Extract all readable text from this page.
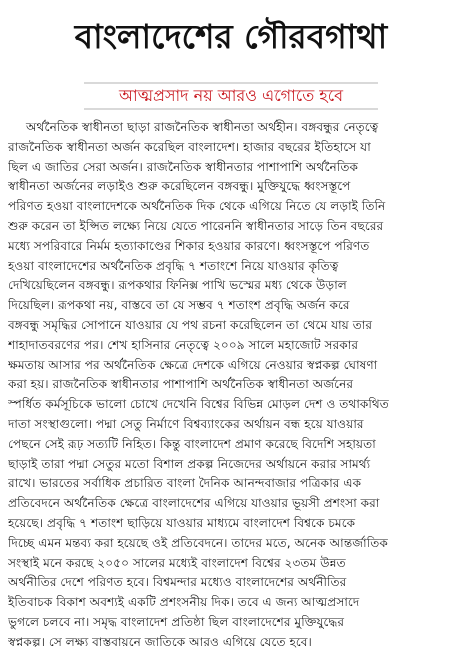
বাংলাদেশের গৌরবগাথা
আত্মপ্রসাদ নয় আরও এগোতে হবে
অর্থনৈতিক স্বাধীনতা ছাড়া রাজনৈতিক স্বাধীনতা অর্থহীন। বঙ্গবন্ধুর নেতৃত্বে
রাজনৈতিক স্বাধীনতা অর্জন করেছিল বাংলাদেশ। হাজার বছরের ইতিহাসে যা
ছিল এ জাতির সেরা অর্জন। রাজনৈতিক স্বাধীনতার পাশাপাশি অর্থনৈতিক
স্বাধীনতা অর্জনের লড়াইও শুরু করেছিলেন বঙ্গবন্ধু। মুক্তিযুদ্ধে ধ্বংসস্তূপে
পরিণত হওয়া বাংলাদেশকে অর্থনৈতিক দিক থেকে এগিয়ে নিতে যে লড়াই তিনি
শুরু করেন তা ইপ্সিত লক্ষ্যে নিয়ে যেতে পারেননি স্বাধীনতার সাড়ে তিন বছরের
মধ্যে সপরিবারে নির্মম হত্যাকাণ্ডের শিকার হওয়ার কারণে। ধ্বংসস্তূপে পরিণত
হওয়া বাংলাদেশের অর্থনৈতিক প্রবৃদ্ধি ৭ শতাংশে নিয়ে যাওয়ার কৃতিত্ব
দেখিয়েছিলেন বঙ্গবন্ধু। রূপকথার ফিনিক্স পাখি ভস্মের মধ্য থেকে উড়াল
দিয়েছিল। রূপকথা নয়, বাস্তবে তা যে সম্ভব ৭ শতাংশ প্রবৃদ্ধি অর্জন করে
বঙ্গবন্ধু সমৃদ্ধির সোপানে যাওয়ার যে পথ রচনা করেছিলেন তা থেমে যায় তার
শাহাদাতবরণের পর। শেখ হাসিনার নেতৃত্বে ২০০৯ সালে মহাজোট সরকার
ক্ষমতায় আসার পর অর্থনৈতিক ক্ষেত্রে দেশকে এগিয়ে নেওয়ার স্বপ্নকল্প ঘোষণা
করা হয়। রাজনৈতিক স্বাধীনতার পাশাপাশি অর্থনৈতিক স্বাধীনতা অর্জনের
স্পর্ধিত কর্মসূচিকে ভালো চোখে দেখেনি বিশ্বের বিভিন্ন মোড়ল দেশ ও তথাকথিত
দাতা সংস্থাগুলো। পদ্মা সেতু নির্মাণে বিশ্বব্যাংকের অর্থায়ন বন্ধ হয়ে যাওয়ার
পেছনে সেই রূঢ় সত্যটি নিহিত। কিন্তু বাংলাদেশ প্রমাণ করেছে বিদেশি সহায়তা
ছাড়াই তারা পদ্মা সেতুর মতো বিশাল প্রকল্প নিজেদের অর্থায়নে করার সামর্থ্য
রাখে। ভারতের সর্বাধিক প্রচারিত বাংলা দৈনিক আনন্দবাজার পত্রিকার এক
প্রতিবেদনে অর্থনৈতিক ক্ষেত্রে বাংলাদেশের এগিয়ে যাওয়ার ভূয়সী প্রশংসা করা
হয়েছে। প্রবৃদ্ধি ৭ শতাংশ ছাড়িয়ে যাওয়ার মাধ্যমে বাংলাদেশ বিশ্বকে চমকে
দিচ্ছে এমন মন্তব্য করা হয়েছে ওই প্রতিবেদনে। তাদের মতে, অনেক আন্তর্জাতিক
সংস্থাই মনে করছে ২০৫০ সালের মধ্যেই বাংলাদেশ বিশ্বের ২৩তম উন্নত
অর্থনীতির দেশে পরিণত হবে। বিশ্বমন্দার মধ্যেও বাংলাদেশের অর্থনীতির
ইতিবাচক বিকাশ অবশ্যই একটি প্রশংসনীয় দিক। তবে এ জন্য আত্মপ্রসাদে
ভুগলে চলবে না। সমৃদ্ধ বাংলাদেশ প্রতিষ্ঠা ছিল বাংলাদেশের মুক্তিযুদ্ধের
স্বপ্নকল্প। সে লক্ষ্য বাস্তবায়নে জাতিকে আরও এগিয়ে যেতে হবে।
